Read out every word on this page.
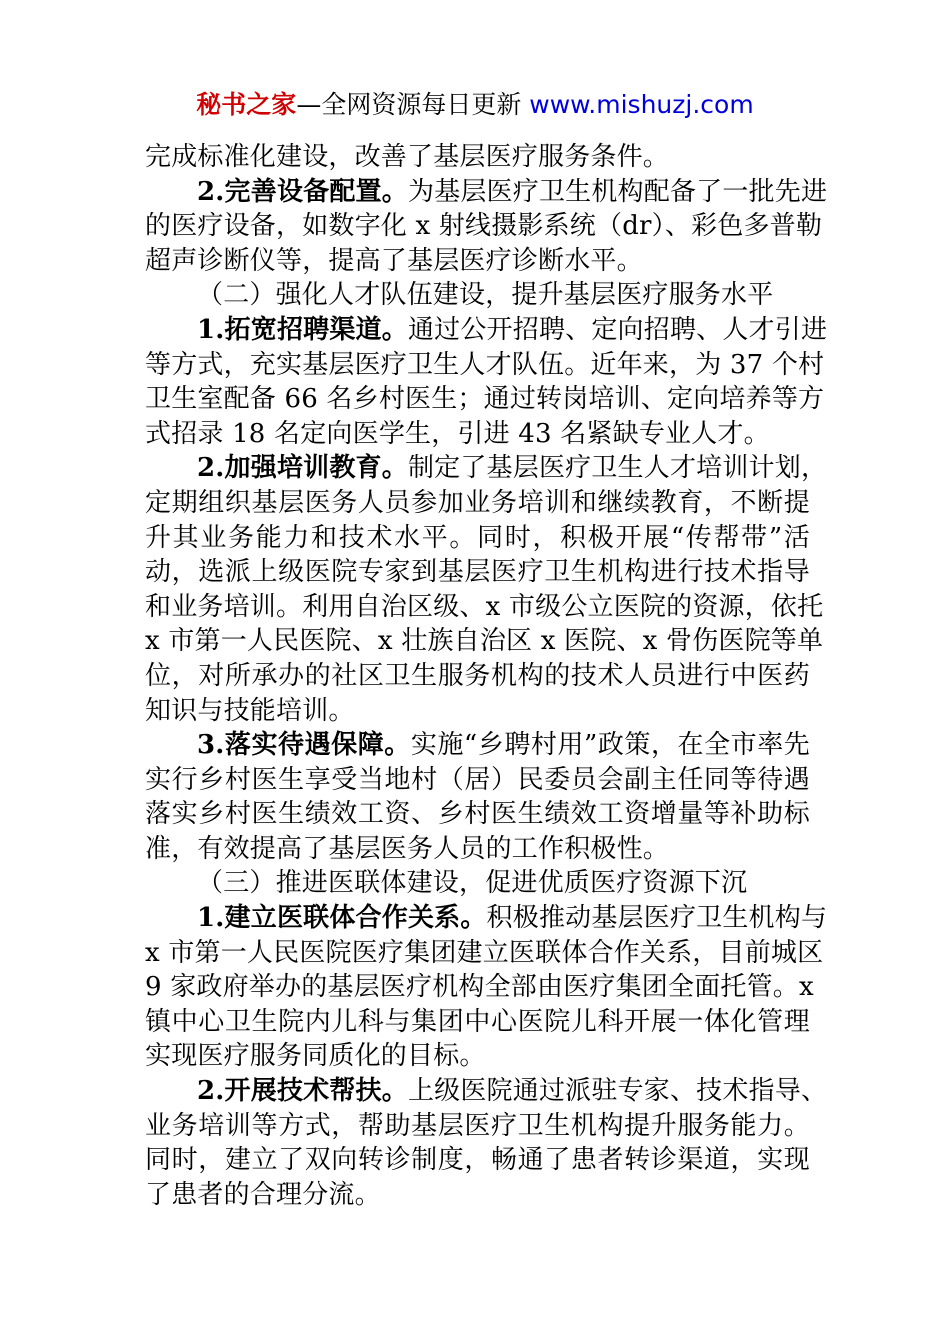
秘书之家—全网资源每日更新 www.mishuzj.com
完成标准化建设，改善了基层医疗服务条件。
2.完善设备配置。为基层医疗卫生机构配备了一批先进
的医疗设备，如数字化 x 射线摄影系统（dr）、彩色多普勒
超声诊断仪等，提高了基层医疗诊断水平。
（二）强化人才队伍建设，提升基层医疗服务水平
1.拓宽招聘渠道。通过公开招聘、定向招聘、人才引进
等方式，充实基层医疗卫生人才队伍。近年来，为 37 个村
卫生室配备 66 名乡村医生；通过转岗培训、定向培养等方
式招录 18 名定向医学生，引进 43 名紧缺专业人才。
2.加强培训教育。制定了基层医疗卫生人才培训计划，
定期组织基层医务人员参加业务培训和继续教育，不断提
升其业务能力和技术水平。同时，积极开展“传帮带”活
动，选派上级医院专家到基层医疗卫生机构进行技术指导
和业务培训。利用自治区级、x 市级公立医院的资源，依托
x 市第一人民医院、x 壮族自治区 x 医院、x 骨伤医院等单
位，对所承办的社区卫生服务机构的技术人员进行中医药
知识与技能培训。
3.落实待遇保障。实施“乡聘村用”政策，在全市率先
实行乡村医生享受当地村（居）民委员会副主任同等待遇
落实乡村医生绩效工资、乡村医生绩效工资增量等补助标
准，有效提高了基层医务人员的工作积极性。
（三）推进医联体建设，促进优质医疗资源下沉
1.建立医联体合作关系。积极推动基层医疗卫生机构与
x 市第一人民医院医疗集团建立医联体合作关系，目前城区
9 家政府举办的基层医疗机构全部由医疗集团全面托管。x
镇中心卫生院内儿科与集团中心医院儿科开展一体化管理
实现医疗服务同质化的目标。
2.开展技术帮扶。上级医院通过派驻专家、技术指导、
业务培训等方式，帮助基层医疗卫生机构提升服务能力。
同时，建立了双向转诊制度，畅通了患者转诊渠道，实现
了患者的合理分流。
